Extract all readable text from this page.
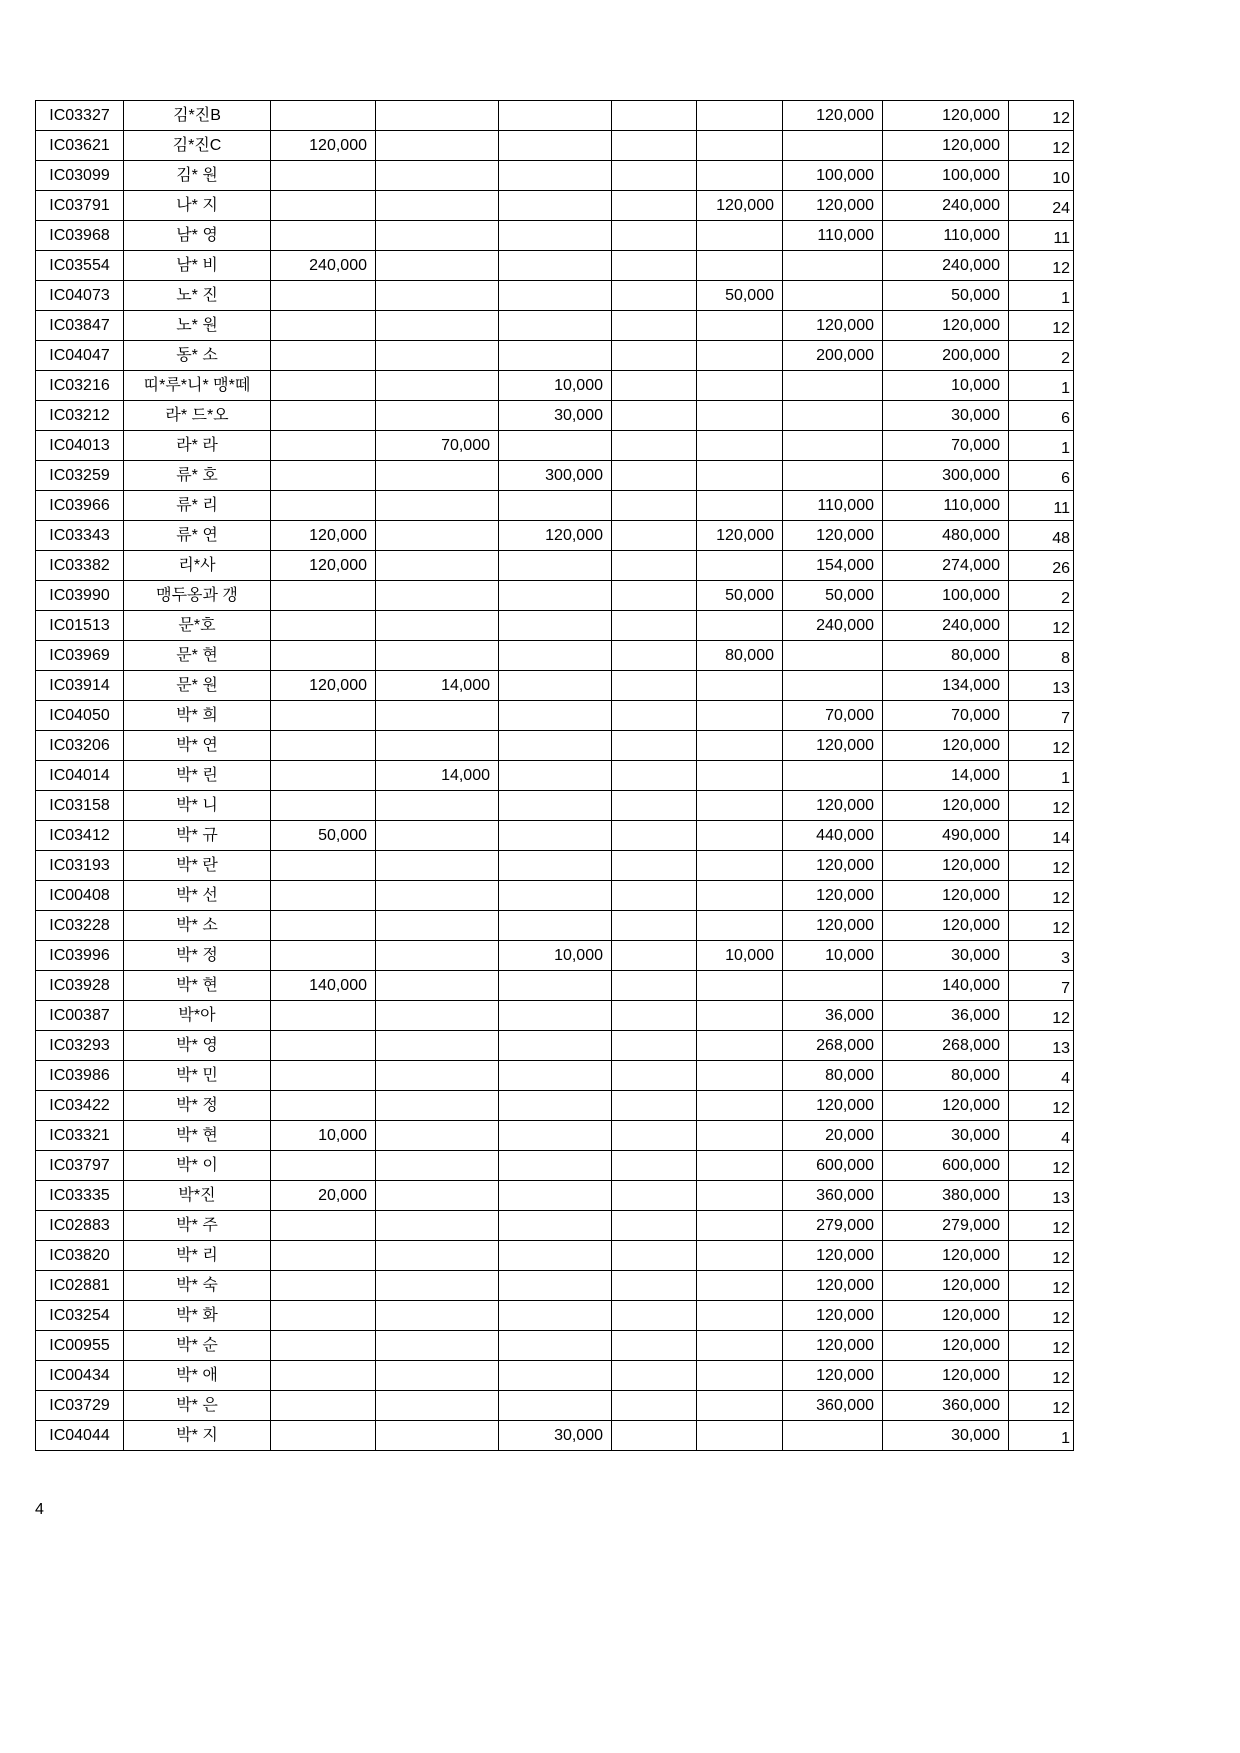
IC03327	김*진B						120,000	120,000	12
IC03621	김*진C	120,000						120,000	12
IC03099	김* 원						100,000	100,000	10
IC03791	나* 지					120,000	120,000	240,000	24
IC03968	남* 영						110,000	110,000	11
IC03554	남* 비	240,000						240,000	12
IC04073	노* 진					50,000		50,000	1
IC03847	노* 원						120,000	120,000	12
IC04047	동* 소						200,000	200,000	2
IC03216	띠*루*니* 맹*떼			10,000				10,000	1
IC03212	라* 드*오			30,000				30,000	6
IC04013	라* 라		70,000					70,000	1
IC03259	류* 호			300,000				300,000	6
IC03966	류* 리						110,000	110,000	11
IC03343	류* 연	120,000		120,000		120,000	120,000	480,000	48
IC03382	리*사	120,000					154,000	274,000	26
IC03990	맹두옹과 갱					50,000	50,000	100,000	2
IC01513	문*호						240,000	240,000	12
IC03969	문* 현					80,000		80,000	8
IC03914	문* 원	120,000	14,000					134,000	13
IC04050	박* 희						70,000	70,000	7
IC03206	박* 연						120,000	120,000	12
IC04014	박* 린		14,000					14,000	1
IC03158	박* 니						120,000	120,000	12
IC03412	박* 규	50,000					440,000	490,000	14
IC03193	박* 란						120,000	120,000	12
IC00408	박* 선						120,000	120,000	12
IC03228	박* 소						120,000	120,000	12
IC03996	박* 정			10,000		10,000	10,000	30,000	3
IC03928	박* 현	140,000						140,000	7
IC00387	박*아						36,000	36,000	12
IC03293	박* 영						268,000	268,000	13
IC03986	박* 민						80,000	80,000	4
IC03422	박* 정						120,000	120,000	12
IC03321	박* 현	10,000					20,000	30,000	4
IC03797	박* 이						600,000	600,000	12
IC03335	박*진	20,000					360,000	380,000	13
IC02883	박* 주						279,000	279,000	12
IC03820	박* 리						120,000	120,000	12
IC02881	박* 숙						120,000	120,000	12
IC03254	박* 화						120,000	120,000	12
IC00955	박* 순						120,000	120,000	12
IC00434	박* 애						120,000	120,000	12
IC03729	박* 은						360,000	360,000	12
IC04044	박* 지			30,000				30,000	1
4
